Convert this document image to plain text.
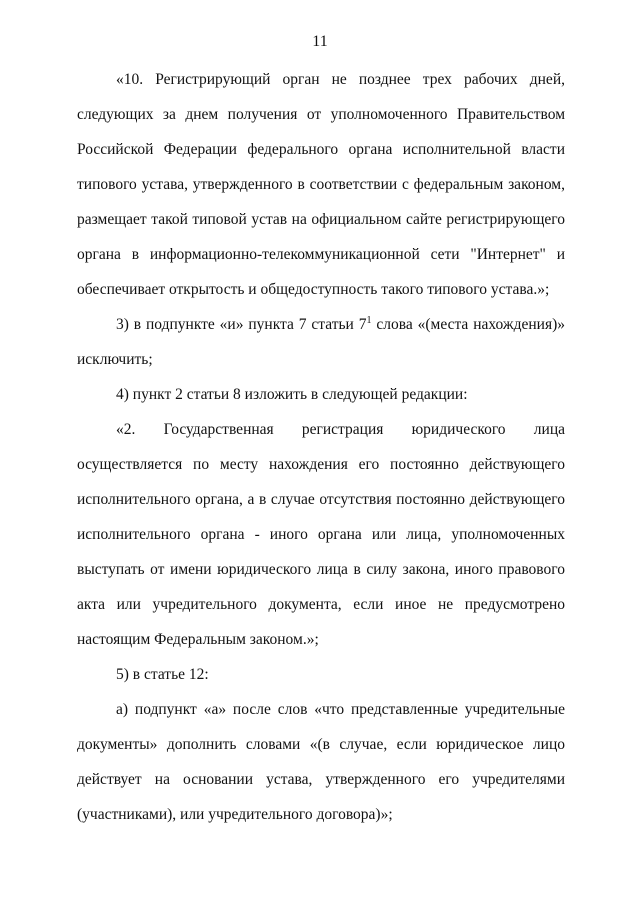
11
«10. Регистрирующий орган не позднее трех рабочих дней,
следующих за днем получения от уполномоченного Правительством
Российской Федерации федерального органа исполнительной власти
типового устава, утвержденного в соответствии с федеральным законом,
размещает такой типовой устав на официальном сайте регистрирующего
органа в информационно-телекоммуникационной сети "Интернет" и
обеспечивает открытость и общедоступность такого типового устава.»;
3) в подпункте «и» пункта 7 статьи $7^1$ слова «(места нахождения)»
исключить;
4) пункт 2 статьи 8 изложить в следующей редакции:
«2. Государственная регистрация юридического лица
осуществляется по месту нахождения его постоянно действующего
исполнительного органа, а в случае отсутствия постоянно действующего
исполнительного органа - иного органа или лица, уполномоченных
выступать от имени юридического лица в силу закона, иного правового
акта или учредительного документа, если иное не предусмотрено
настоящим Федеральным законом.»;
5) в статье 12:
а) подпункт «а» после слов «что представленные учредительные
документы» дополнить словами «(в случае, если юридическое лицо
действует на основании устава, утвержденного его учредителями
(участниками), или учредительного договора)»;
